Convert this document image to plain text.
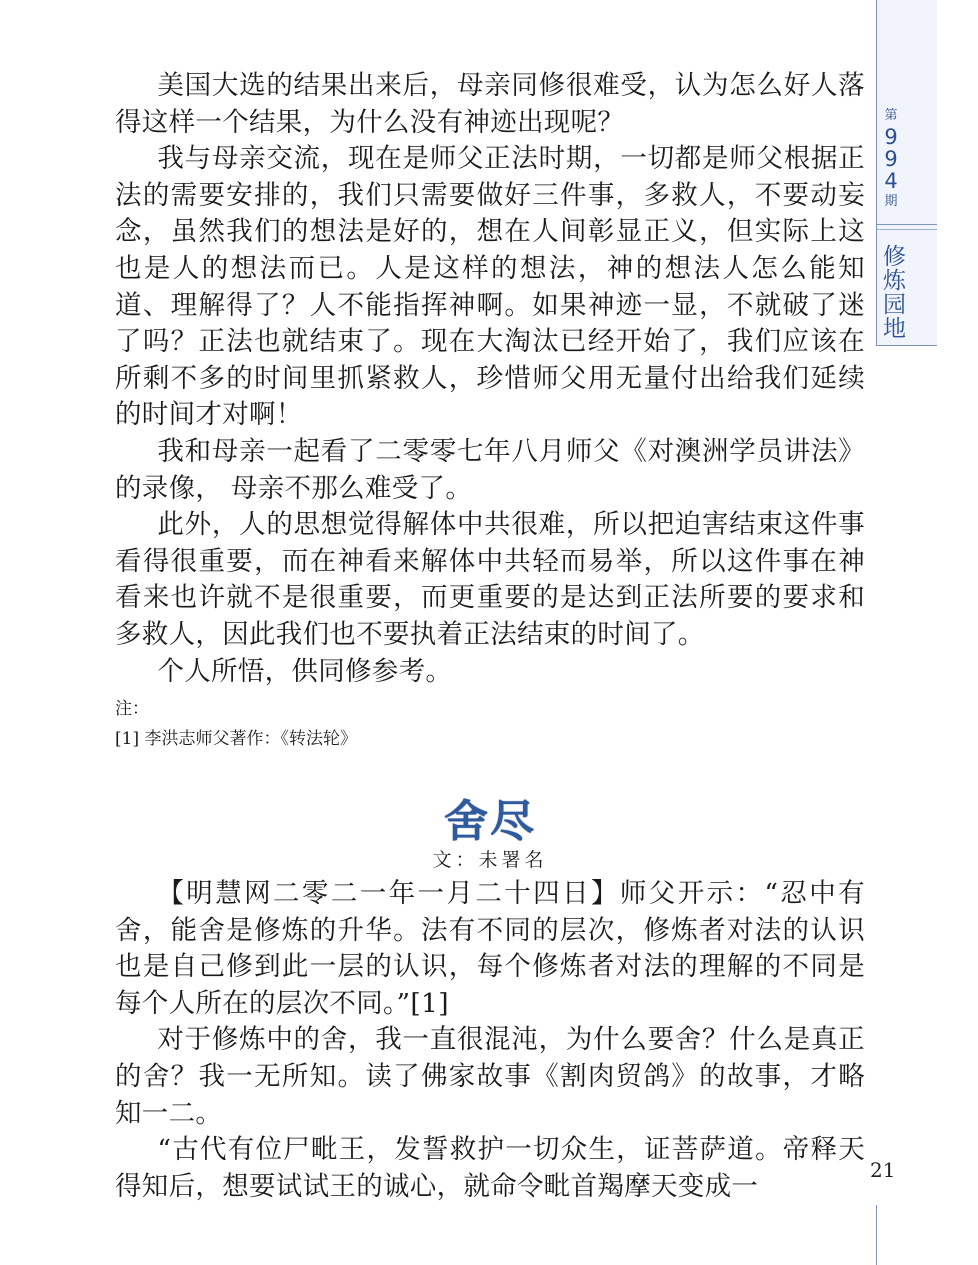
第
9
9
4
期
修炼园地
21

美国大选的结果出来后，母亲同修很难受，认为怎么好人落得这样一个结果，为什么没有神迹出现呢？

我与母亲交流，现在是师父正法时期，一切都是师父根据正法的需要安排的，我们只需要做好三件事，多救人，不要动妄念，虽然我们的想法是好的，想在人间彰显正义，但实际上这也是人的想法而已。人是这样的想法，神的想法人怎么能知道、理解得了？人不能指挥神啊。如果神迹一显，不就破了迷了吗？正法也就结束了。现在大淘汰已经开始了，我们应该在所剩不多的时间里抓紧救人，珍惜师父用无量付出给我们延续的时间才对啊！

我和母亲一起看了二零零七年八月师父《对澳洲学员讲法》的录像， 母亲不那么难受了。

此外，人的思想觉得解体中共很难，所以把迫害结束这件事看得很重要，而在神看来解体中共轻而易举，所以这件事在神看来也许就不是很重要，而更重要的是达到正法所要的要求和多救人，因此我们也不要执着正法结束的时间了。

个人所悟，供同修参考。

注：

[1] 李洪志师父著作：《转法轮》

舍尽
文：未署名

【明慧网二零二一年一月二十四日】师父开示：“忍中有舍，能舍是修炼的升华。法有不同的层次，修炼者对法的认识也是自己修到此一层的认识，每个修炼者对法的理解的不同是每个人所在的层次不同。”[1]

对于修炼中的舍，我一直很混沌，为什么要舍？什么是真正的舍？我一无所知。读了佛家故事《割肉贸鸽》的故事，才略知一二。

“古代有位尸毗王，发誓救护一切众生，证菩萨道。帝释天得知后，想要试试王的诚心，就命令毗首羯摩天变成一
